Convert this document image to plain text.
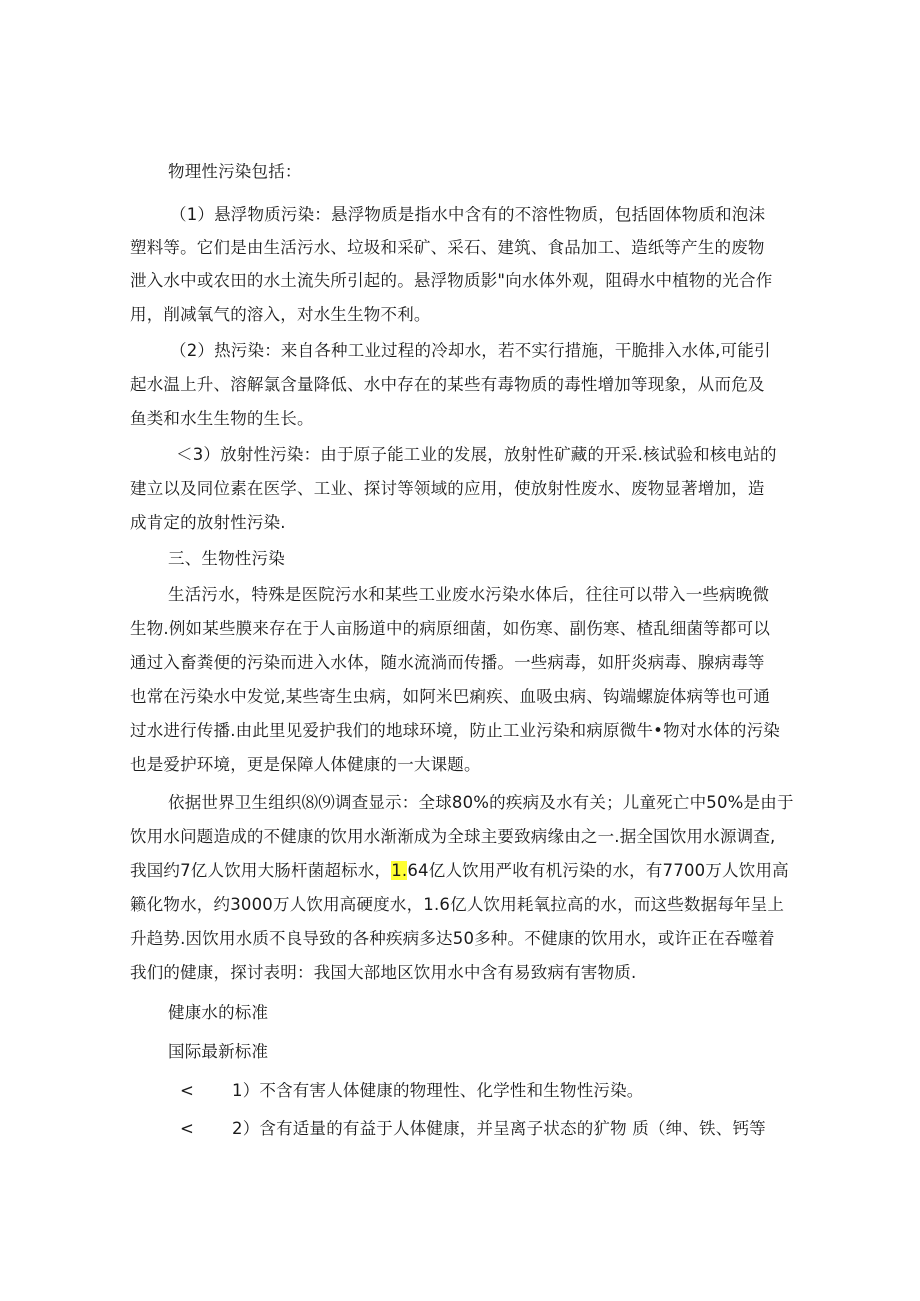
物理性污染包括：
（1）悬浮物质污染：悬浮物质是指水中含有的不溶性物质，包括固体物质和泡沫
塑料等。它们是由生活污水、垃圾和采矿、采石、建筑、食品加工、造纸等产生的废物
泄入水中或农田的水土流失所引起的。悬浮物质影"向水体外观，阻碍水中植物的光合作
用，削减氧气的溶入，对水生生物不利。
（2）热污染：来自各种工业过程的冷却水，若不实行措施，干脆排入水体,可能引
起水温上升、溶解氯含量降低、水中存在的某些有毒物质的毒性增加等现象，从而危及
鱼类和水生生物的生长。
＜3）放射性污染：由于原子能工业的发展，放射性矿藏的开采.核试验和核电站的
建立以及同位素在医学、工业、探讨等领域的应用，使放射性废水、废物显著增加，造
成肯定的放射性污染.
三、生物性污染
生活污水，特殊是医院污水和某些工业废水污染水体后，往往可以带入一些病晚微
生物.例如某些膜来存在于人亩肠道中的病原细菌，如伤寒、副伤寒、楂乱细菌等都可以
通过入畜粪便的污染而进入水体，随水流淌而传播。一些病毒，如肝炎病毒、腺病毒等
也常在污染水中发觉,某些寄生虫病，如阿米巴痢疾、血吸虫病、钩端螺旋体病等也可通
过水进行传播.由此里见爱护我们的地球环境，防止工业污染和病原微牛•物对水体的污染
也是爱护环境，更是保障人体健康的一大课题。
依据世界卫生组织⑻⑼调查显示：全球80%的疾病及水有关；儿童死亡中50%是由于
饮用水问题造成的不健康的饮用水渐渐成为全球主要致病缘由之一.据全国饮用水源调查,
我国约7亿人饮用大肠杆菌超标水，1.64亿人饮用严收有机污染的水，有7700万人饮用高
籁化物水，约3000万人饮用高硬度水，1.6亿人饮用耗氧拉高的水，而这些数据每年呈上
升趋势.因饮用水质不良导致的各种疾病多达50多种。不健康的饮用水，或许正在吞噬着
我们的健康，探讨表明：我国大部地区饮用水中含有易致病有害物质.
健康水的标准
国际最新标准
< 1）不含有害人体健康的物理性、化学性和生物性污染。
< 2）含有适量的有益于人体健康，并呈离子状态的犷物 质（绅、铁、钙等
